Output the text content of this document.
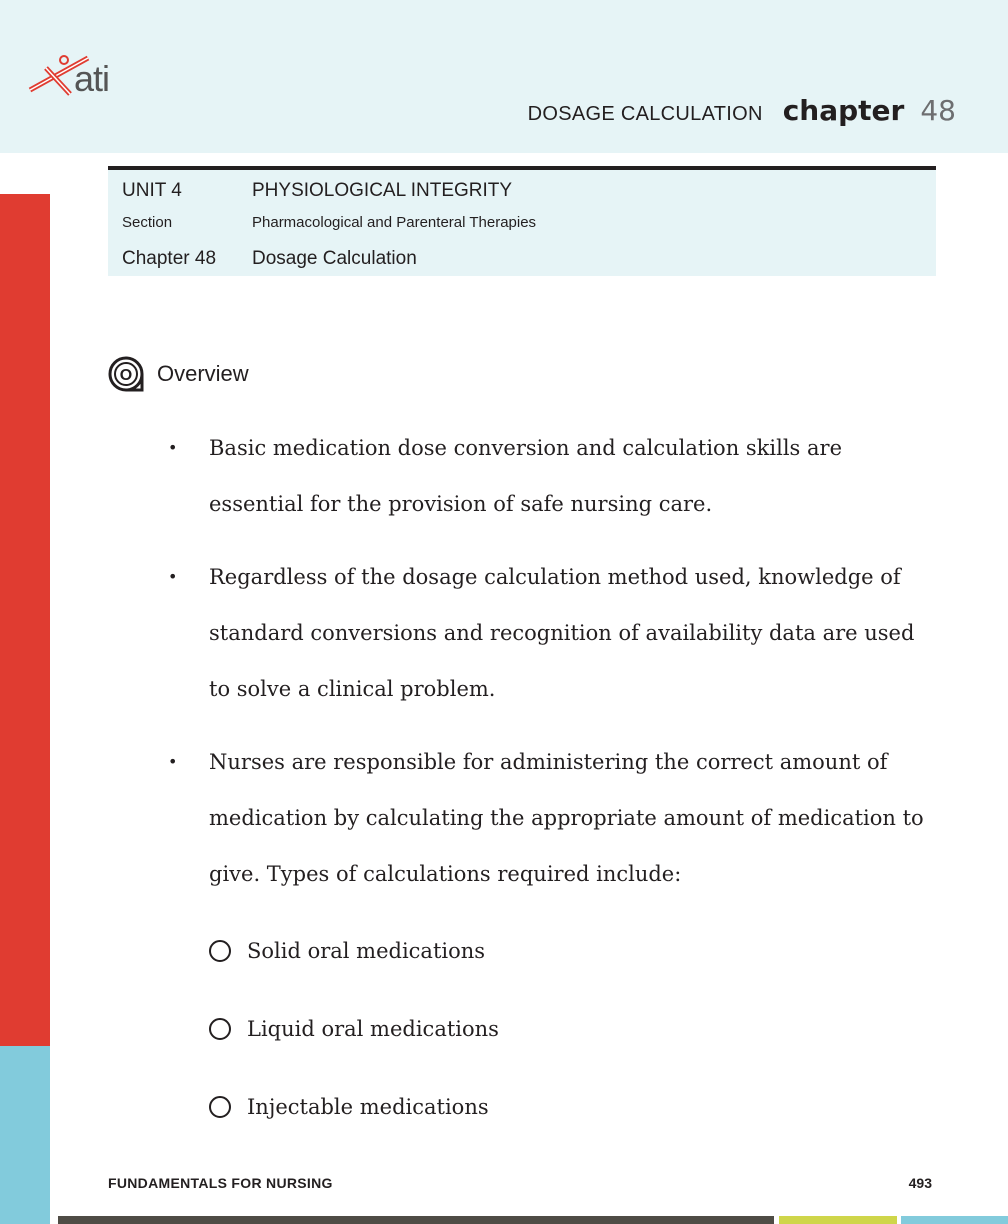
ati
DOSAGE CALCULATION chapter 48
UNIT 4	PHYSIOLOGICAL INTEGRITY
Section	Pharmacological and Parenteral Therapies
Chapter 48	Dosage Calculation
O Overview
• Basic medication dose conversion and calculation skills are essential for the provision of safe nursing care.
• Regardless of the dosage calculation method used, knowledge of standard conversions and recognition of availability data are used to solve a clinical problem.
• Nurses are responsible for administering the correct amount of medication by calculating the appropriate amount of medication to give. Types of calculations required include:
Solid oral medications
Liquid oral medications
Injectable medications
FUNDAMENTALS FOR NURSING	493
